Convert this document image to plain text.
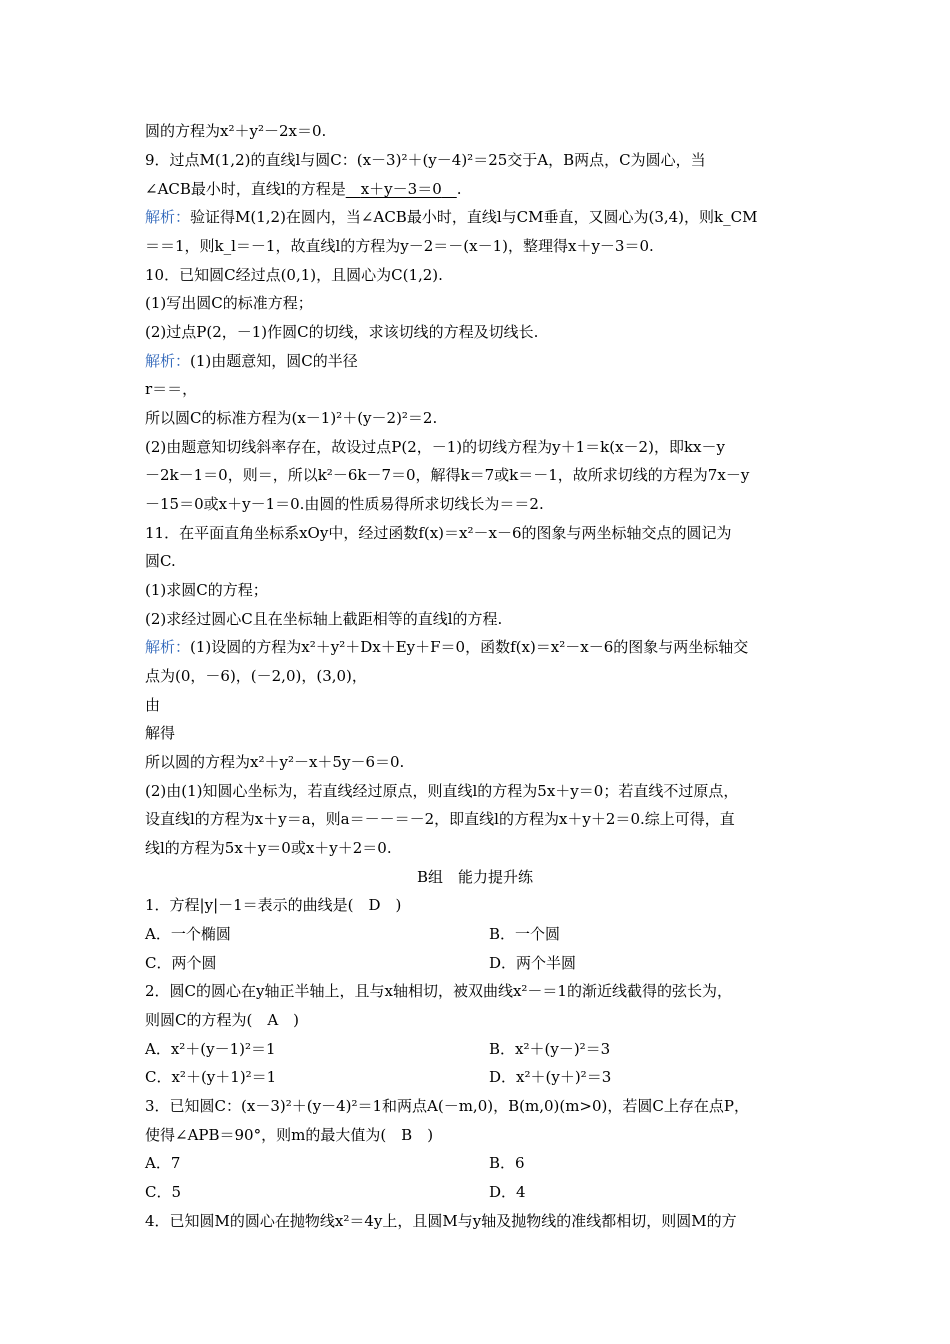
圆的方程为x²＋y²－2x＝0.
9．过点M(1,2)的直线l与圆C：(x－3)²＋(y－4)²＝25交于A，B两点，C为圆心，当
∠ACB最小时，直线l的方程是　 x＋y－3＝0　 .
解析：验证得M(1,2)在圆内，当∠ACB最小时，直线l与CM垂直，又圆心为(3,4)，则k_CM
＝＝1，则k_l＝－1，故直线l的方程为y－2＝－(x－1)，整理得x＋y－3＝0.
10．已知圆C经过点(0,1)，且圆心为C(1,2).
(1)写出圆C的标准方程；
(2)过点P(2，－1)作圆C的切线，求该切线的方程及切线长.
解析：(1)由题意知，圆C的半径
r＝＝，
所以圆C的标准方程为(x－1)²＋(y－2)²＝2.
(2)由题意知切线斜率存在，故设过点P(2，－1)的切线方程为y＋1＝k(x－2)，即kx－y
－2k－1＝0，则＝，所以k²－6k－7＝0，解得k＝7或k＝－1，故所求切线的方程为7x－y
－15＝0或x＋y－1＝0.由圆的性质易得所求切线长为＝＝2.
11．在平面直角坐标系xOy中，经过函数f(x)＝x²－x－6的图象与两坐标轴交点的圆记为
圆C.
(1)求圆C的方程；
(2)求经过圆心C且在坐标轴上截距相等的直线l的方程.
解析：(1)设圆的方程为x²＋y²＋Dx＋Ey＋F＝0，函数f(x)＝x²－x－6的图象与两坐标轴交
点为(0，－6)，(－2,0)，(3,0)，
由
解得
所以圆的方程为x²＋y²－x＋5y－6＝0.
(2)由(1)知圆心坐标为，若直线经过原点，则直线l的方程为5x＋y＝0；若直线不过原点，
设直线l的方程为x＋y＝a，则a＝－－＝－2，即直线l的方程为x＋y＋2＝0.综上可得，直
线l的方程为5x＋y＝0或x＋y＋2＝0.
B组　能力提升练
1．方程|y|－1＝表示的曲线是(　D　)
A．一个椭圆	B．一个圆
C．两个圆	D．两个半圆
2．圆C的圆心在y轴正半轴上，且与x轴相切，被双曲线x²－＝1的渐近线截得的弦长为，
则圆C的方程为(　A　)
A．x²＋(y－1)²＝1	B．x²＋(y－)²＝3
C．x²＋(y＋1)²＝1	D．x²＋(y＋)²＝3
3．已知圆C：(x－3)²＋(y－4)²＝1和两点A(－m,0)，B(m,0)(m>0)，若圆C上存在点P，
使得∠APB＝90°，则m的最大值为(　B　)
A．7	B．6
C．5	D．4
4．已知圆M的圆心在抛物线x²＝4y上，且圆M与y轴及抛物线的准线都相切，则圆M的方
